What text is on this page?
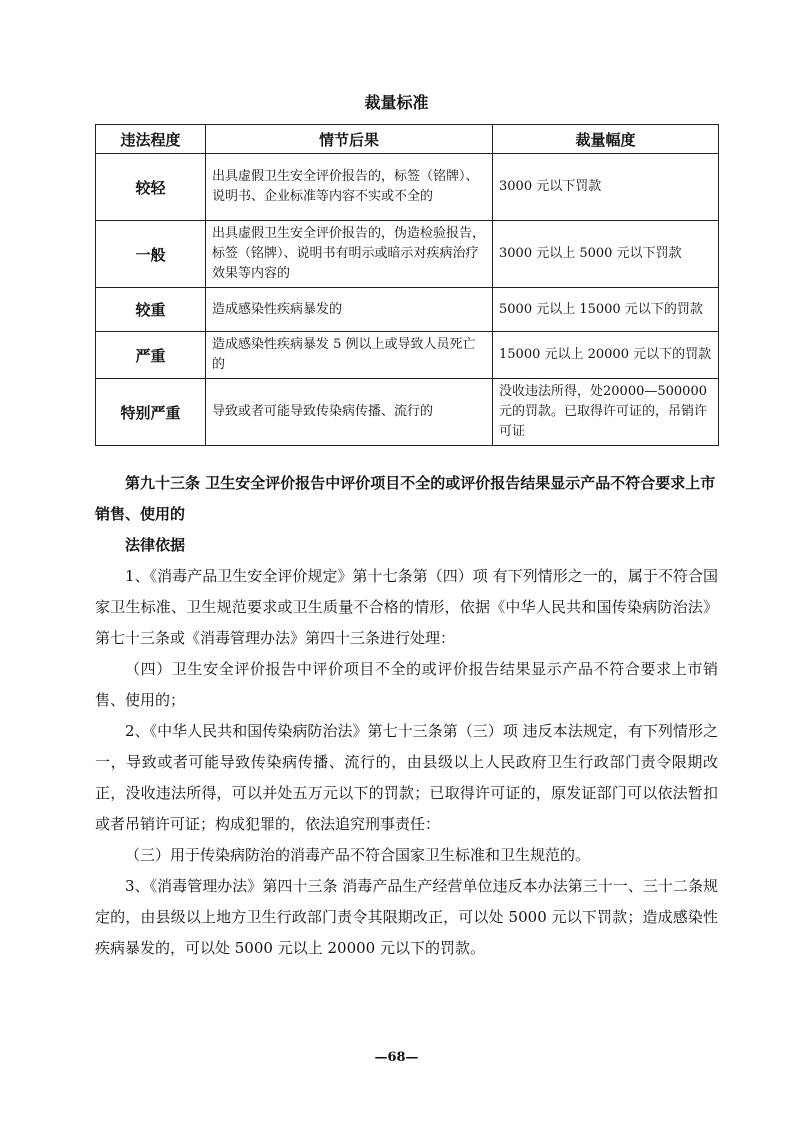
裁量标准
违法程度	情节后果	裁量幅度
较轻	出具虚假卫生安全评价报告的，标签（铭牌）、说明书、企业标准等内容不实或不全的	3000 元以下罚款
一般	出具虚假卫生安全评价报告的，伪造检验报告，标签（铭牌）、说明书有明示或暗示对疾病治疗效果等内容的	3000 元以上 5000 元以下罚款
较重	造成感染性疾病暴发的	5000 元以上 15000 元以下的罚款
严重	造成感染性疾病暴发 5 例以上或导致人员死亡的	15000 元以上 20000 元以下的罚款
特别严重	导致或者可能导致传染病传播、流行的	没收违法所得，处20000—500000元的罚款。已取得许可证的，吊销许可证

第九十三条 卫生安全评价报告中评价项目不全的或评价报告结果显示产品不符合要求上市销售、使用的

法律依据

1、《消毒产品卫生安全评价规定》第十七条第（四）项 有下列情形之一的，属于不符合国家卫生标准、卫生规范要求或卫生质量不合格的情形，依据《中华人民共和国传染病防治法》第七十三条或《消毒管理办法》第四十三条进行处理：

（四）卫生安全评价报告中评价项目不全的或评价报告结果显示产品不符合要求上市销售、使用的；

2、《中华人民共和国传染病防治法》第七十三条第（三）项 违反本法规定，有下列情形之一，导致或者可能导致传染病传播、流行的，由县级以上人民政府卫生行政部门责令限期改正，没收违法所得，可以并处五万元以下的罚款；已取得许可证的，原发证部门可以依法暂扣或者吊销许可证；构成犯罪的，依法追究刑事责任：

（三）用于传染病防治的消毒产品不符合国家卫生标准和卫生规范的。

3、《消毒管理办法》第四十三条 消毒产品生产经营单位违反本办法第三十一、三十二条规定的，由县级以上地方卫生行政部门责令其限期改正，可以处 5000 元以下罚款；造成感染性疾病暴发的，可以处 5000 元以上 20000 元以下的罚款。

—68—
